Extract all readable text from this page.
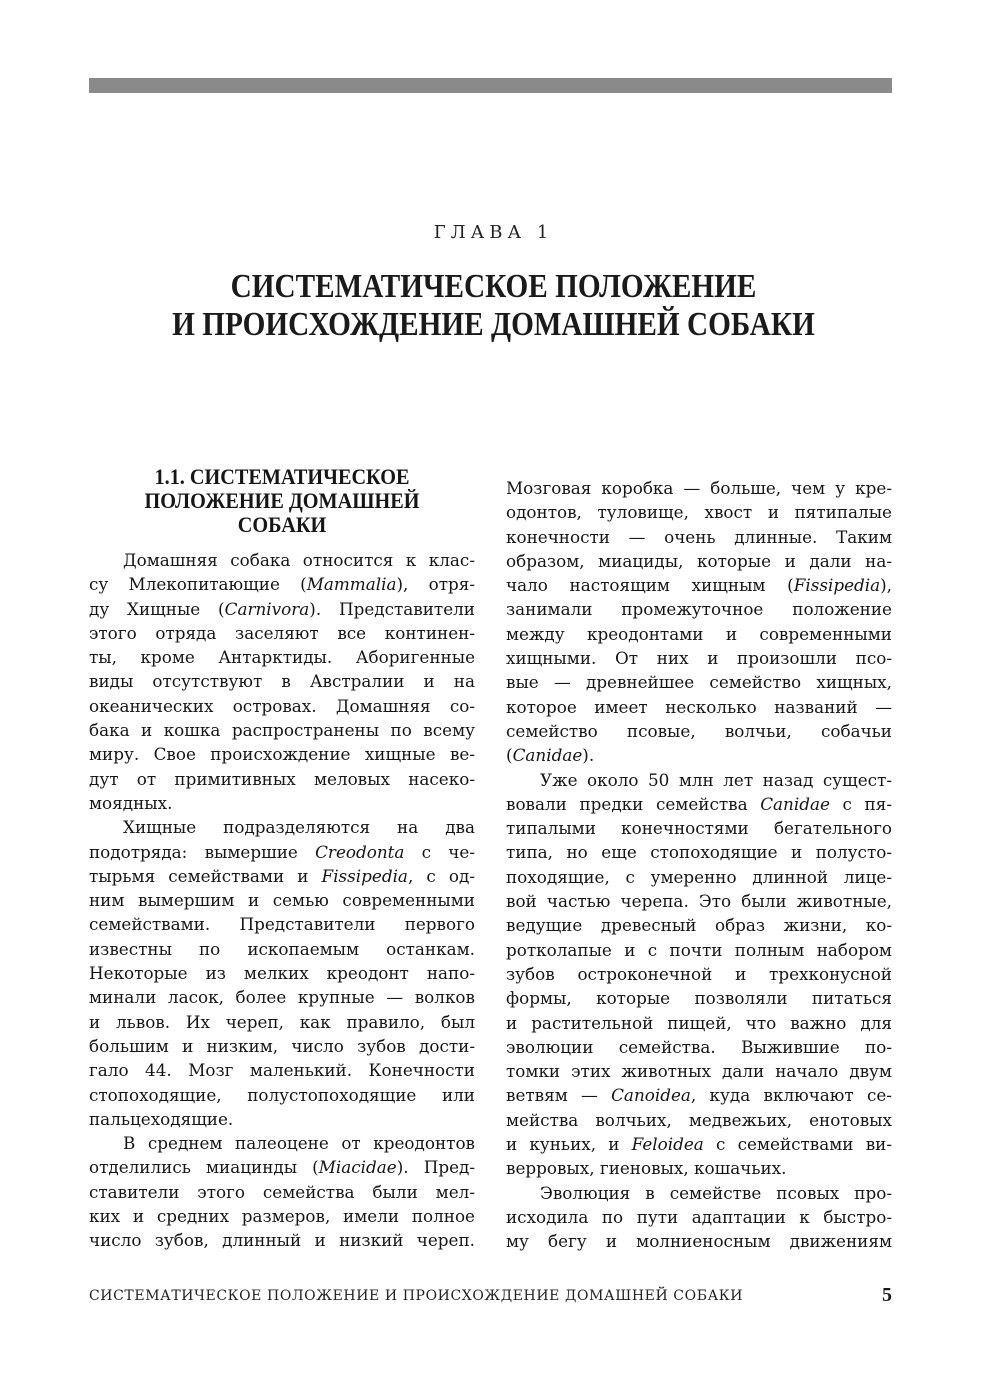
ГЛАВА 1
СИСТЕМАТИЧЕСКОЕ ПОЛОЖЕНИЕ
И ПРОИСХОЖДЕНИЕ ДОМАШНЕЙ СОБАКИ
1.1. СИСТЕМАТИЧЕСКОЕ
ПОЛОЖЕНИЕ ДОМАШНЕЙ
СОБАКИ
Домашняя собака относится к клас-
су Млекопитающие (Mammalia), отря-
ду Хищные (Carnivora). Представители
этого отряда заселяют все континен-
ты, кроме Антарктиды. Аборигенные
виды отсутствуют в Австралии и на
океанических островах. Домашняя со-
бака и кошка распространены по всему
миру. Свое происхождение хищные ве-
дут от примитивных меловых насеко-
моядных.
Хищные подразделяются на два
подотряда: вымершие Creodonta с че-
тырьмя семействами и Fissipedia, с од-
ним вымершим и семью современными
семействами. Представители первого
известны по ископаемым останкам.
Некоторые из мелких креодонт напо-
минали ласок, более крупные — волков
и львов. Их череп, как правило, был
большим и низким, число зубов дости-
гало 44. Мозг маленький. Конечности
стопоходящие, полустопоходящие или
пальцеходящие.
В среднем палеоцене от креодонтов
отделились миацинды (Miacidae). Пред-
ставители этого семейства были мел-
ких и средних размеров, имели полное
число зубов, длинный и низкий череп.
Мозговая коробка — больше, чем у кре-
одонтов, туловище, хвост и пятипалые
конечности — очень длинные. Таким
образом, миациды, которые и дали на-
чало настоящим хищным (Fissipedia),
занимали промежуточное положение
между креодонтами и современными
хищными. От них и произошли псо-
вые — древнейшее семейство хищных,
которое имеет несколько названий —
семейство псовые, волчьи, собачьи
(Canidae).
Уже около 50 млн лет назад сущест-
вовали предки семейства Canidae с пя-
типалыми конечностями бегательного
типа, но еще стопоходящие и полусто-
походящие, с умеренно длинной лице-
вой частью черепа. Это были животные,
ведущие древесный образ жизни, ко-
ротколапые и с почти полным набором
зубов остроконечной и трехконусной
формы, которые позволяли питаться
и растительной пищей, что важно для
эволюции семейства. Выжившие по-
томки этих животных дали начало двум
ветвям — Canoidea, куда включают се-
мейства волчьих, медвежьих, енотовых
и куньих, и Feloidea с семействами ви-
верровых, гиеновых, кошачьих.
Эволюция в семействе псовых про-
исходила по пути адаптации к быстро-
му бегу и молниеносным движениям
СИСТЕМАТИЧЕСКОЕ ПОЛОЖЕНИЕ И ПРОИСХОЖДЕНИЕ ДОМАШНЕЙ СОБАКИ	5
